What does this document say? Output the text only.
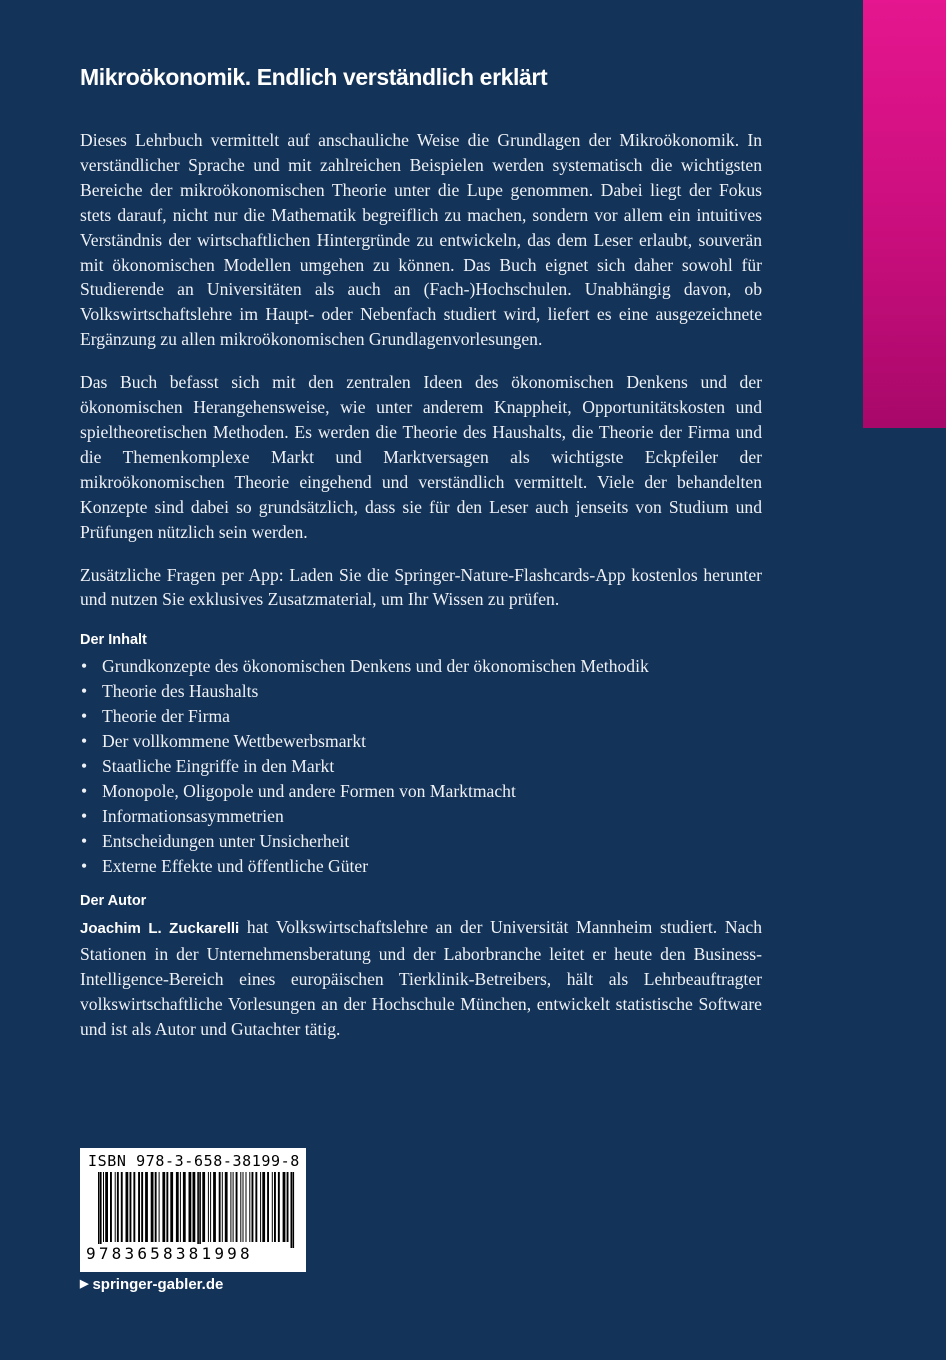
Mikroökonomik. Endlich verständlich erklärt

Dieses Lehrbuch vermittelt auf anschauliche Weise die Grundlagen der Mikroökonomik. In verständlicher Sprache und mit zahlreichen Beispielen werden systematisch die wichtigsten Bereiche der mikroökonomischen Theorie unter die Lupe genommen. Dabei liegt der Fokus stets darauf, nicht nur die Mathematik begreiflich zu machen, sondern vor allem ein intuitives Verständnis der wirtschaftlichen Hintergründe zu entwickeln, das dem Leser erlaubt, souverän mit ökonomischen Modellen umgehen zu können. Das Buch eignet sich daher sowohl für Studierende an Universitäten als auch an (Fach-)Hochschulen. Unabhängig davon, ob Volkswirtschaftslehre im Haupt- oder Nebenfach studiert wird, liefert es eine ausgezeichnete Ergänzung zu allen mikroökonomischen Grundlagenvorlesungen.

Das Buch befasst sich mit den zentralen Ideen des ökonomischen Denkens und der ökonomischen Herangehensweise, wie unter anderem Knappheit, Opportunitätskosten und spieltheoretischen Methoden. Es werden die Theorie des Haushalts, die Theorie der Firma und die Themenkomplexe Markt und Marktversagen als wichtigste Eckpfeiler der mikroökonomischen Theorie eingehend und verständlich vermittelt. Viele der behandelten Konzepte sind dabei so grundsätzlich, dass sie für den Leser auch jenseits von Studium und Prüfungen nützlich sein werden.

Zusätzliche Fragen per App: Laden Sie die Springer-Nature-Flashcards-App kostenlos herunter und nutzen Sie exklusives Zusatzmaterial, um Ihr Wissen zu prüfen.

Der Inhalt
• Grundkonzepte des ökonomischen Denkens und der ökonomischen Methodik
• Theorie des Haushalts
• Theorie der Firma
• Der vollkommene Wettbewerbsmarkt
• Staatliche Eingriffe in den Markt
• Monopole, Oligopole und andere Formen von Marktmacht
• Informationsasymmetrien
• Entscheidungen unter Unsicherheit
• Externe Effekte und öffentliche Güter
Der Autor

Joachim L. Zuckarelli hat Volkswirtschaftslehre an der Universität Mannheim studiert. Nach Stationen in der Unternehmensberatung und der Laborbranche leitet er heute den Business-Intelligence-Bereich eines europäischen Tierklinik-Betreibers, hält als Lehrbeauftragter volkswirtschaftliche Vorlesungen an der Hochschule München, entwickelt statistische Software und ist als Autor und Gutachter tätig.

ISBN 978-3-658-38199-8
9783658381998
▶ springer-gabler.de
